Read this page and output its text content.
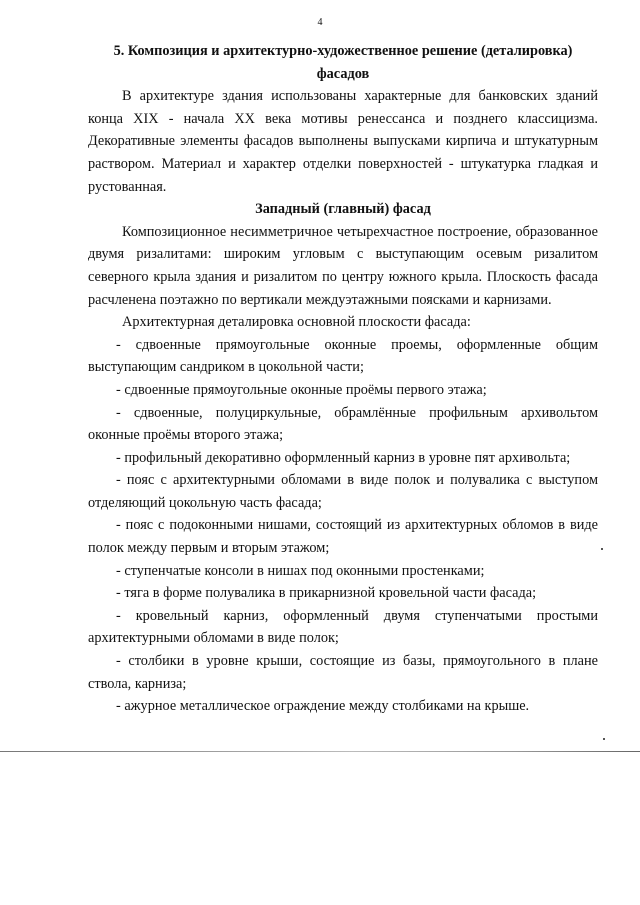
4
5. Композиция и архитектурно-художественное решение (деталировка) фасадов

В архитектуре здания использованы характерные для банковских зданий конца XIX - начала XX века мотивы ренессанса и позднего классицизма. Декоративные элементы фасадов выполнены выпусками кирпича и штукатурным раствором. Материал и характер отделки поверхностей - штукатурка гладкая и рустованная.

Западный (главный) фасад

Композиционное несимметричное четырехчастное построение, образованное двумя ризалитами: широким угловым с выступающим осевым ризалитом северного крыла здания и ризалитом по центру южного крыла. Плоскость фасада расчленена поэтажно по вертикали междуэтажными поясками и карнизами.

Архитектурная деталировка основной плоскости фасада:

- сдвоенные прямоугольные оконные проемы, оформленные общим выступающим сандриком в цокольной части;
- сдвоенные прямоугольные оконные проёмы первого этажа;
- сдвоенные, полуциркульные, обрамлённые профильным архивольтом оконные проёмы второго этажа;
- профильный декоративно оформленный карниз в уровне пят архивольта;
- пояс с архитектурными обломами в виде полок и полувалика с выступом отделяющий цокольную часть фасада;
- пояс с подоконными нишами, состоящий из архитектурных обломов в виде полок между первым и вторым этажом;
- ступенчатые консоли в нишах под оконными простенками;
- тяга в форме полувалика в прикарнизной кровельной части фасада;
- кровельный карниз, оформленный двумя ступенчатыми простыми архитектурными обломами в виде полок;
- столбики в уровне крыши, состоящие из базы, прямоугольного в плане ствола, карниза;
- ажурное металлическое ограждение между столбиками на крыше.
